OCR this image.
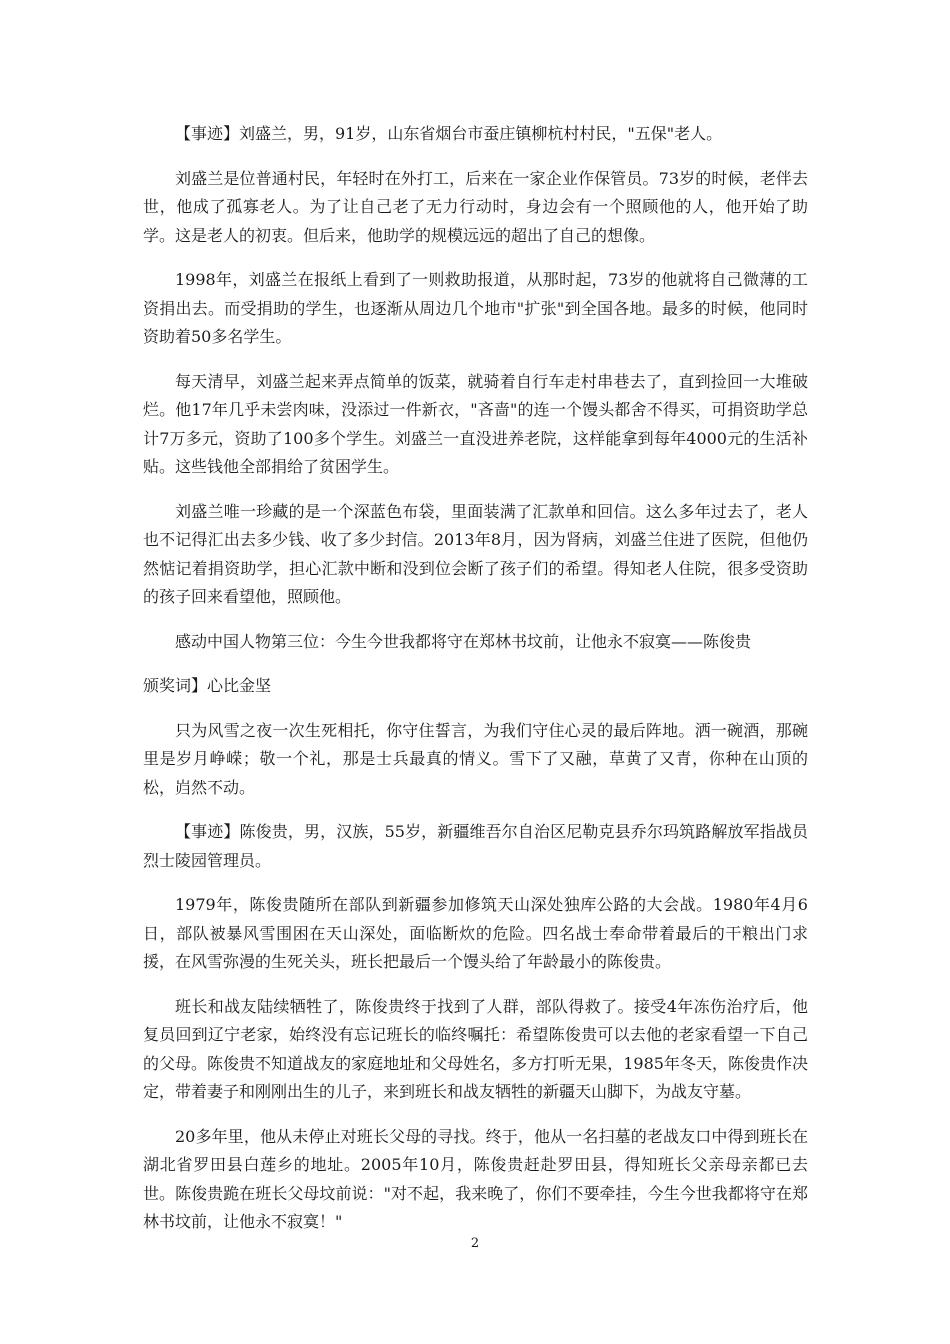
【事迹】刘盛兰，男，91岁，山东省烟台市蚕庄镇柳杭村村民，"五保"老人。

刘盛兰是位普通村民，年轻时在外打工，后来在一家企业作保管员。73岁的时候，老伴去世，他成了孤寡老人。为了让自己老了无力行动时，身边会有一个照顾他的人，他开始了助学。这是老人的初衷。但后来，他助学的规模远远的超出了自己的想像。

1998年，刘盛兰在报纸上看到了一则救助报道，从那时起，73岁的他就将自己微薄的工资捐出去。而受捐助的学生，也逐渐从周边几个地市"扩张"到全国各地。最多的时候，他同时资助着50多名学生。

每天清早，刘盛兰起来弄点简单的饭菜，就骑着自行车走村串巷去了，直到捡回一大堆破烂。他17年几乎未尝肉味，没添过一件新衣，"吝啬"的连一个馒头都舍不得买，可捐资助学总计7万多元，资助了100多个学生。刘盛兰一直没进养老院，这样能拿到每年4000元的生活补贴。这些钱他全部捐给了贫困学生。

刘盛兰唯一珍藏的是一个深蓝色布袋，里面装满了汇款单和回信。这么多年过去了，老人也不记得汇出去多少钱、收了多少封信。2013年8月，因为肾病，刘盛兰住进了医院，但他仍然惦记着捐资助学，担心汇款中断和没到位会断了孩子们的希望。得知老人住院，很多受资助的孩子回来看望他，照顾他。

感动中国人物第三位：今生今世我都将守在郑林书坟前，让他永不寂寞——陈俊贵

颁奖词】心比金坚

只为风雪之夜一次生死相托，你守住誓言，为我们守住心灵的最后阵地。洒一碗酒，那碗里是岁月峥嵘；敬一个礼，那是士兵最真的情义。雪下了又融，草黄了又青，你种在山顶的松，岿然不动。

【事迹】陈俊贵，男，汉族，55岁，新疆维吾尔自治区尼勒克县乔尔玛筑路解放军指战员烈士陵园管理员。

1979年，陈俊贵随所在部队到新疆参加修筑天山深处独库公路的大会战。1980年4月6日，部队被暴风雪围困在天山深处，面临断炊的危险。四名战士奉命带着最后的干粮出门求援，在风雪弥漫的生死关头，班长把最后一个馒头给了年龄最小的陈俊贵。

班长和战友陆续牺牲了，陈俊贵终于找到了人群，部队得救了。接受4年冻伤治疗后，他复员回到辽宁老家，始终没有忘记班长的临终嘱托：希望陈俊贵可以去他的老家看望一下自己的父母。陈俊贵不知道战友的家庭地址和父母姓名，多方打听无果，1985年冬天，陈俊贵作决定，带着妻子和刚刚出生的儿子，来到班长和战友牺牲的新疆天山脚下，为战友守墓。

20多年里，他从未停止对班长父母的寻找。终于，他从一名扫墓的老战友口中得到班长在湖北省罗田县白莲乡的地址。2005年10月，陈俊贵赶赴罗田县，得知班长父亲母亲都已去世。陈俊贵跪在班长父母坟前说："对不起，我来晚了，你们不要牵挂，今生今世我都将守在郑林书坟前，让他永不寂寞！"

2
